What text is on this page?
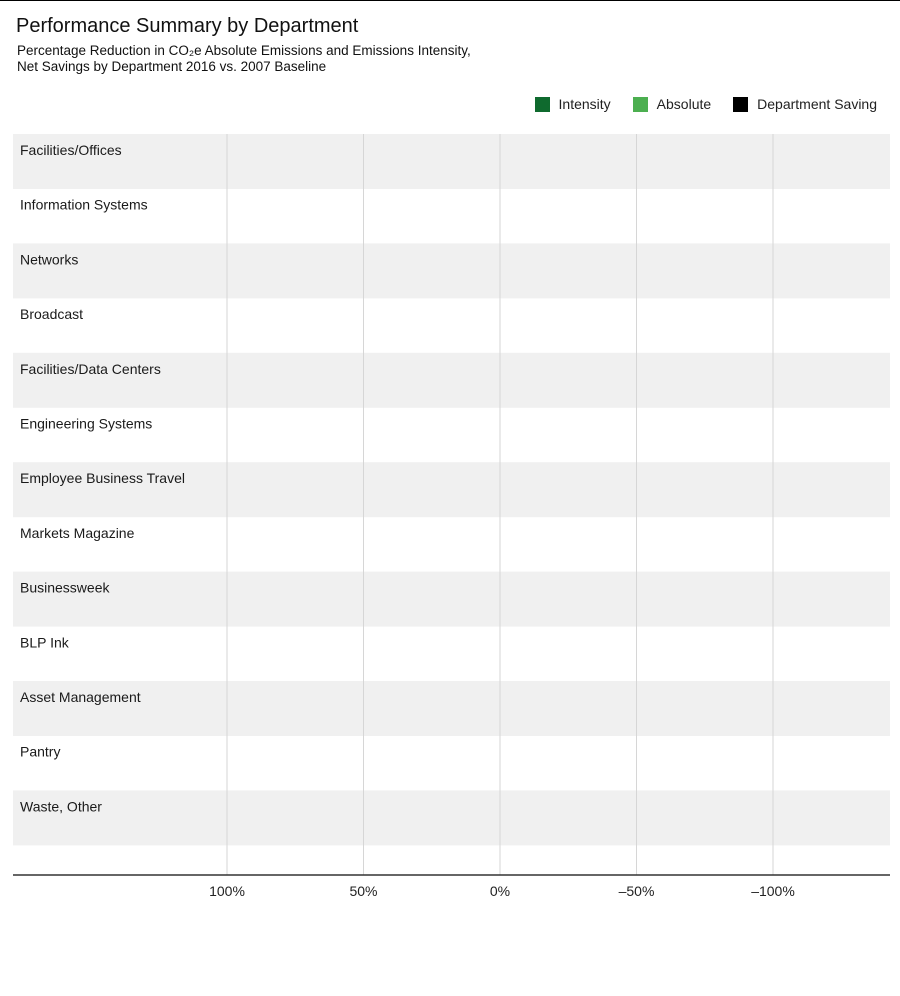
Performance Summary by Department
Percentage Reduction in CO₂e Absolute Emissions and Emissions Intensity,
Net Savings by Department 2016 vs. 2007 Baseline
Intensity	Absolute	Department Saving
Facilities/Offices
Information Systems
Networks
Broadcast
Facilities/Data Centers
Engineering Systems
Employee Business Travel
Markets Magazine
Businessweek
BLP Ink
Asset Management
Pantry
Waste, Other
100%	50%	0%	–50%	–100%
